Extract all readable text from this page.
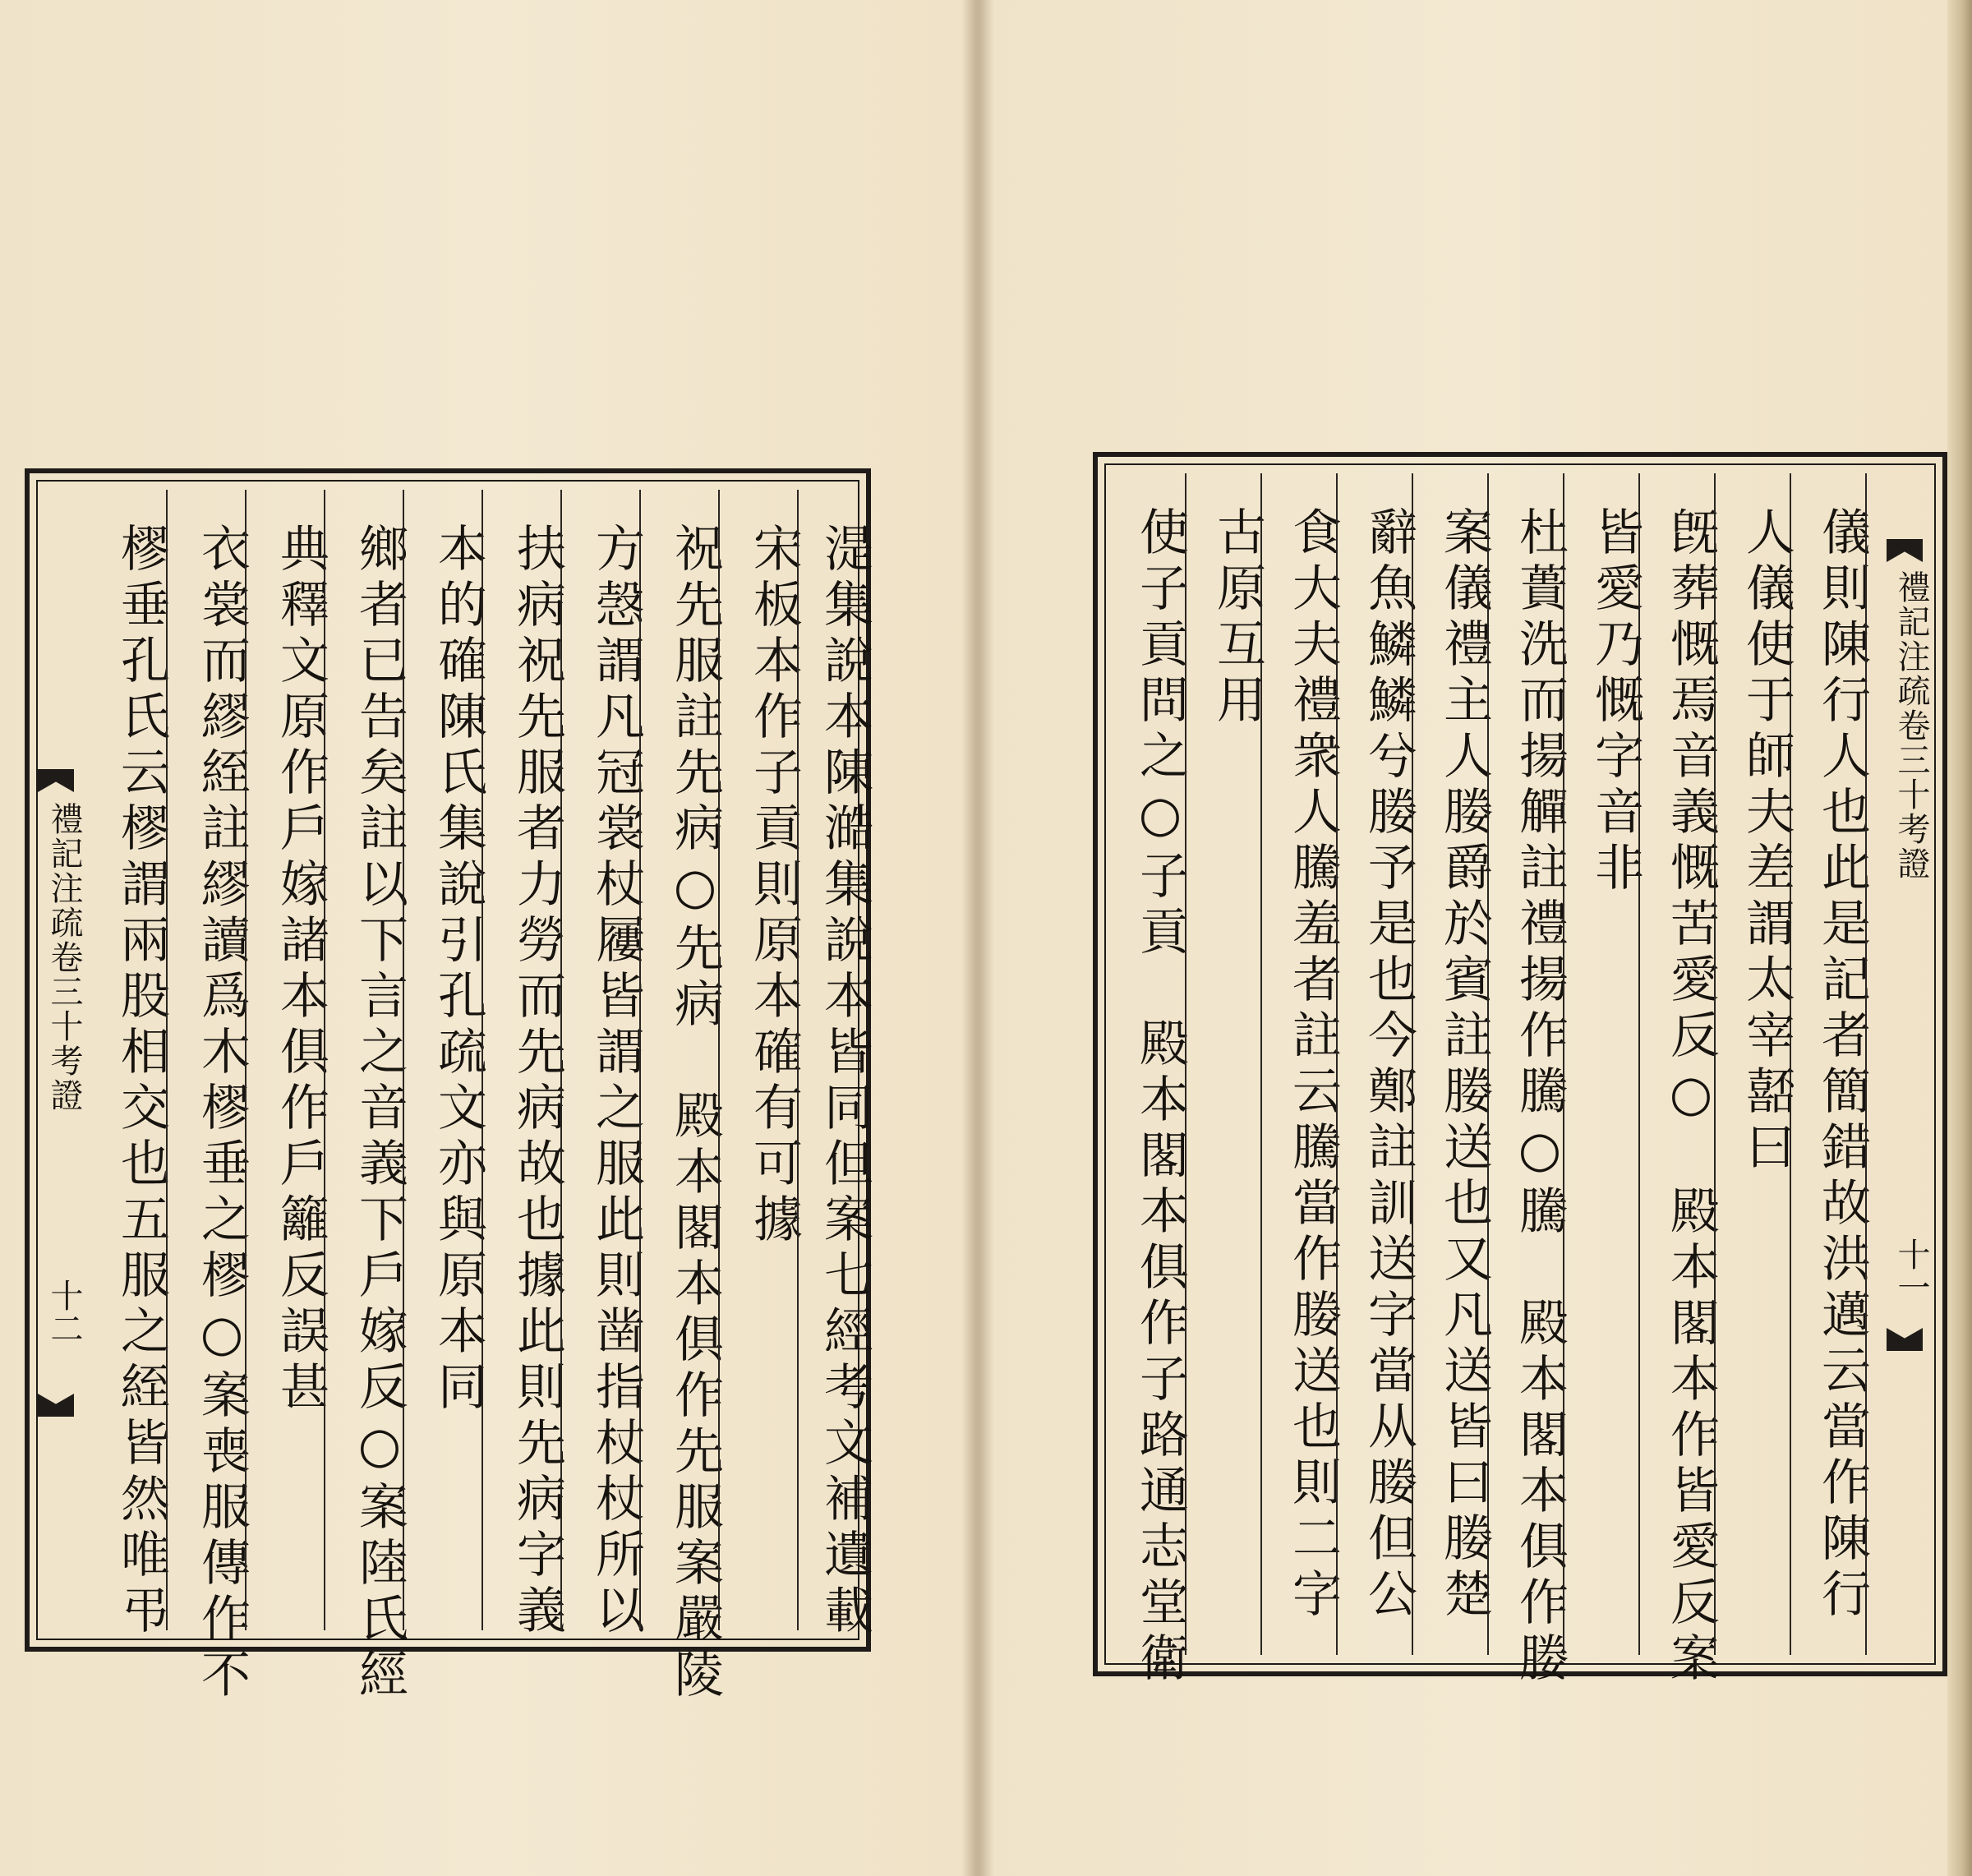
樛垂孔氏云樛謂兩股相交也五服之絰皆然唯弔
禮記注疏卷三十考證
十二	衣裳而繆絰註繆讀爲木樛垂之樛○案喪服傳作不 典釋文原作戶嫁諸本俱作戶籬反誤甚 鄉者已告矣註以下言之音義下戶嫁反○案陸氏經 本的確陳氏集說引孔疏文亦與原本同 扶病祝先服者力勞而先病故也據此則先病字義 方愨謂凡冠裳杖屨皆謂之服此則凿指杖杖所以 祝先服註先病○先病　殿本閣本俱作先服案嚴陵 宋板本作子貢則原本確有可據 湜集說本陳澔集說本皆同但案七經考文補遺載	使子貢問之○子貢　殿本閣本俱作子路通志堂衛 古原互用 食大夫禮衆人騰羞者註云騰當作媵送也則二字 辭魚鱗鱗兮媵予是也今鄭註訓送字當从媵但公 案儀禮主人媵爵於賓註媵送也又凡送皆曰媵楚 杜蕢洗而揚觶註禮揚作騰○騰　殿本閣本俱作媵 皆愛乃慨字音非 旣葬慨焉音義慨苦愛反○　殿本閣本作皆愛反案 人儀使于師夫差謂太宰嚭曰 儀則陳行人也此是記者簡錯故洪邁云當作陳行 禮記注疏卷三十考證
十一
